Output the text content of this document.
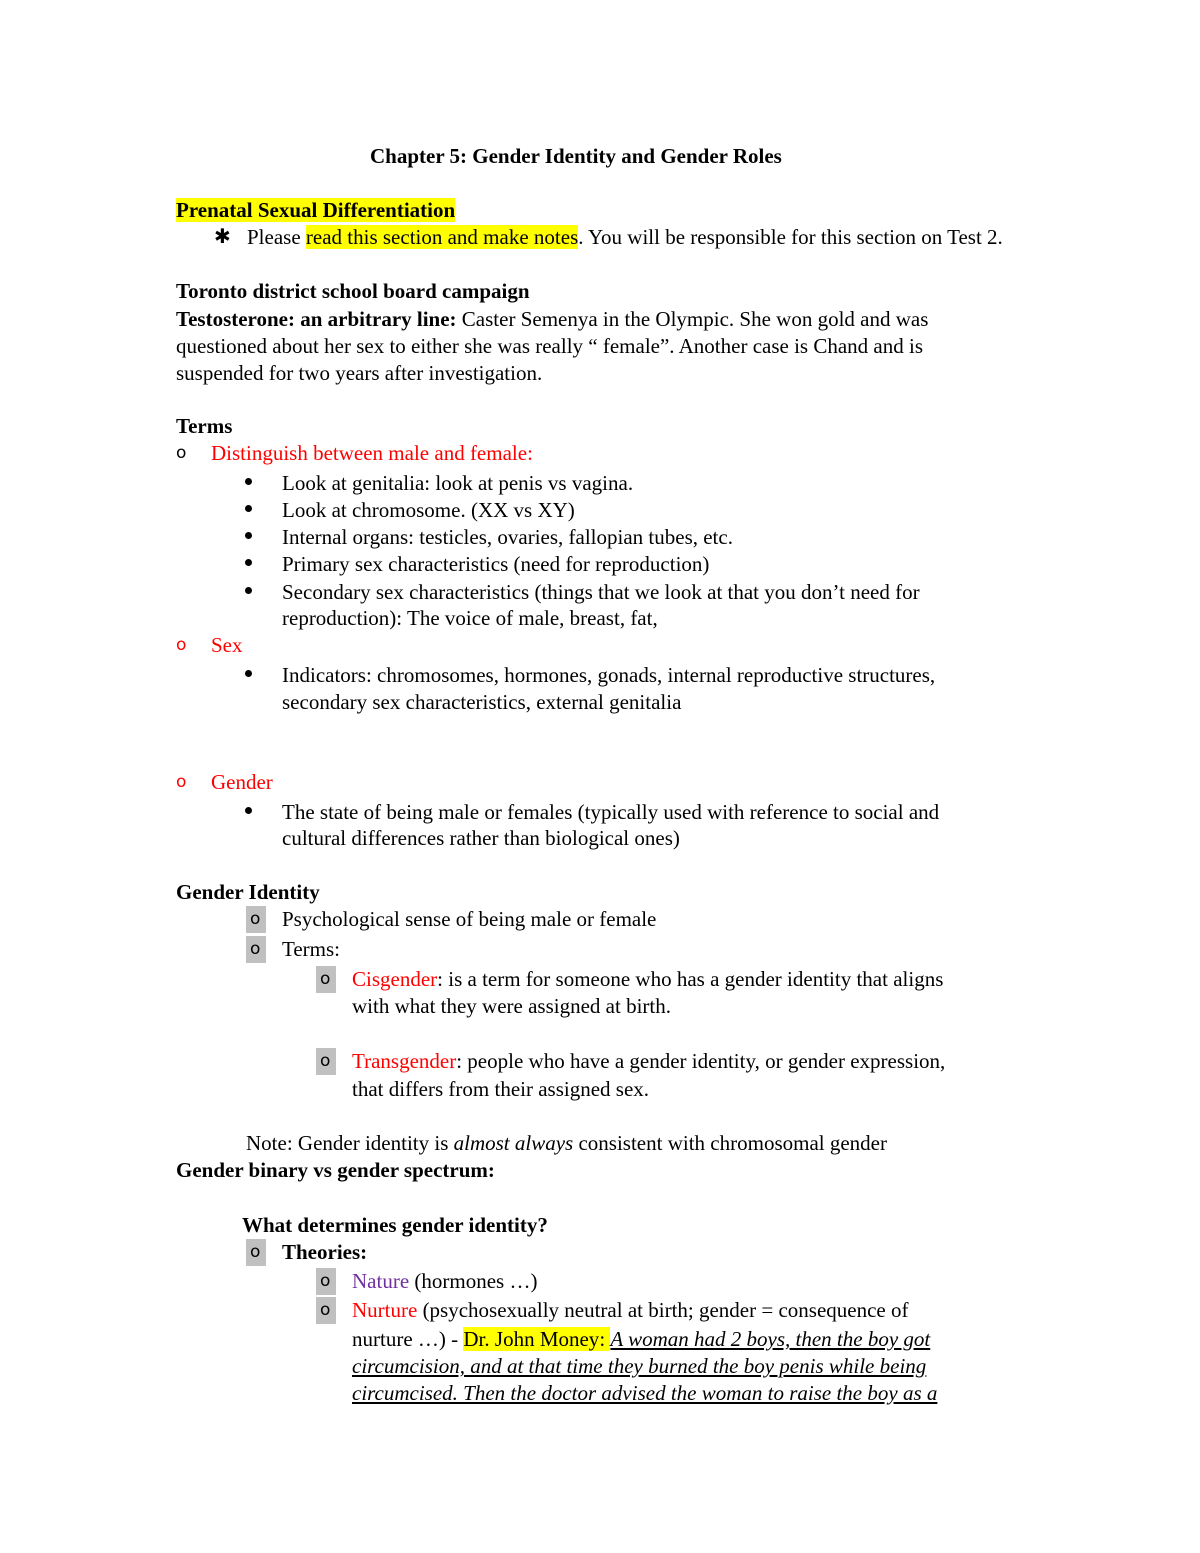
Chapter 5: Gender Identity and Gender Roles
Prenatal Sexual Differentiation
✱ Please read this section and make notes. You will be responsible for this section on Test 2.
Toronto district school board campaign
Testosterone: an arbitrary line: Caster Semenya in the Olympic. She won gold and was
questioned about her sex to either she was really “ female”. Another case is Chand and is
suspended for two years after investigation.
Terms
o Distinguish between male and female:
Look at genitalia: look at penis vs vagina.
Look at chromosome. (XX vs XY)
Internal organs: testicles, ovaries, fallopian tubes, etc.
Primary sex characteristics (need for reproduction)
Secondary sex characteristics (things that we look at that you don’t need for
reproduction): The voice of male, breast, fat,
o Sex
Indicators: chromosomes, hormones, gonads, internal reproductive structures,
secondary sex characteristics, external genitalia
o Gender
The state of being male or females (typically used with reference to social and
cultural differences rather than biological ones)
Gender Identity
o Psychological sense of being male or female
o Terms:
o Cisgender: is a term for someone who has a gender identity that aligns
with what they were assigned at birth.
o Transgender: people who have a gender identity, or gender expression,
that differs from their assigned sex.
Note: Gender identity is almost always consistent with chromosomal gender
Gender binary vs gender spectrum:
What determines gender identity?
o Theories:
o Nature (hormones …)
o Nurture (psychosexually neutral at birth; gender = consequence of
nurture …) - Dr. John Money: A woman had 2 boys, then the boy got
circumcision, and at that time they burned the boy penis while being
circumcised. Then the doctor advised the woman to raise the boy as a
